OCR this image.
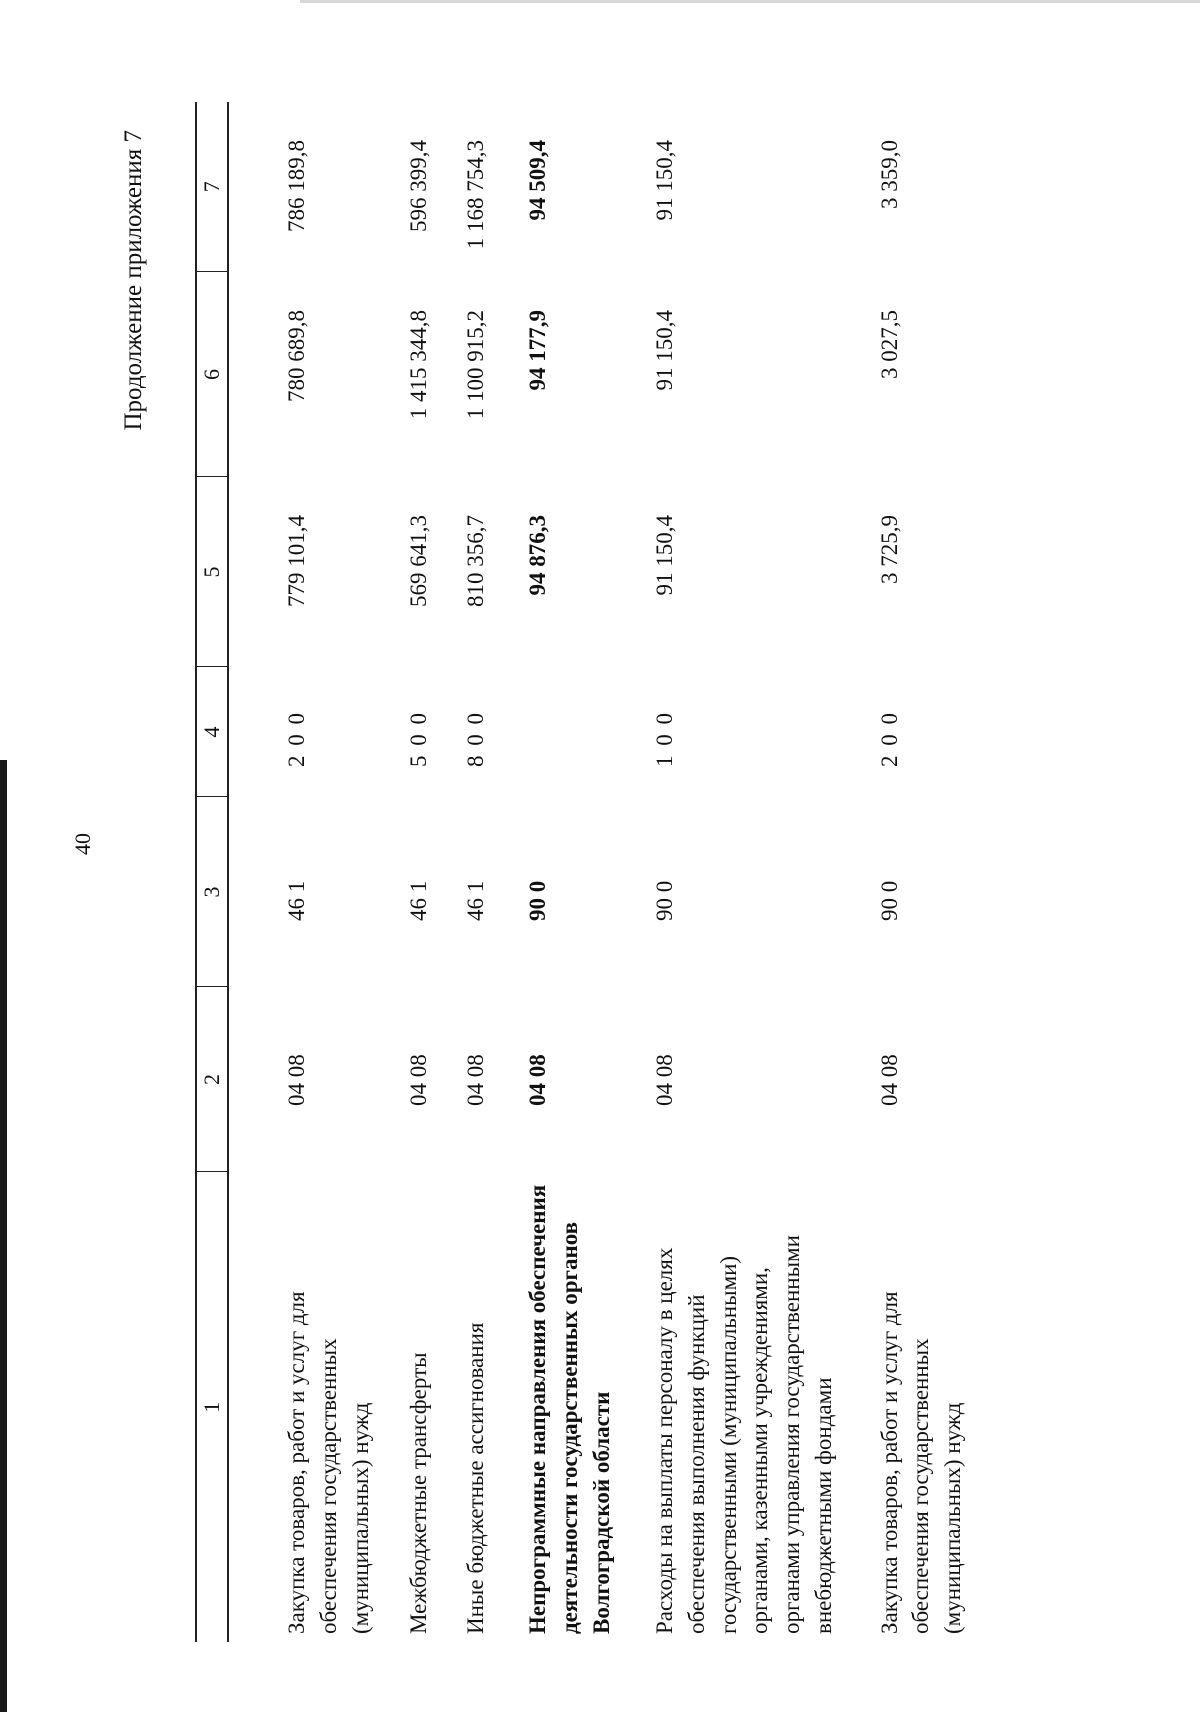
40
Продолжение приложения 7
1	2	3	4	5	6	7
Закупка товаров, работ и услуг для обеспечения государственных (муниципальных) нужд	04 08	46 1	2 0 0	779 101,4	780 689,8	786 189,8
Межбюджетные трансферты	04 08	46 1	5 0 0	569 641,3	1 415 344,8	596 399,4
Иные бюджетные ассигнования	04 08	46 1	8 0 0	810 356,7	1 100 915,2	1 168 754,3
Непрограммные направления обеспечения деятельности государственных органов Волгоградской области	04 08	90 0		94 876,3	94 177,9	94 509,4
Расходы на выплаты персоналу в целях обеспечения выполнения функций государственными (муниципальными) органами, казенными учреждениями, органами управления государственными внебюджетными фондами	04 08	90 0	1 0 0	91 150,4	91 150,4	91 150,4
Закупка товаров, работ и услуг для обеспечения государственных (муниципальных) нужд	04 08	90 0	2 0 0	3 725,9	3 027,5	3 359,0
